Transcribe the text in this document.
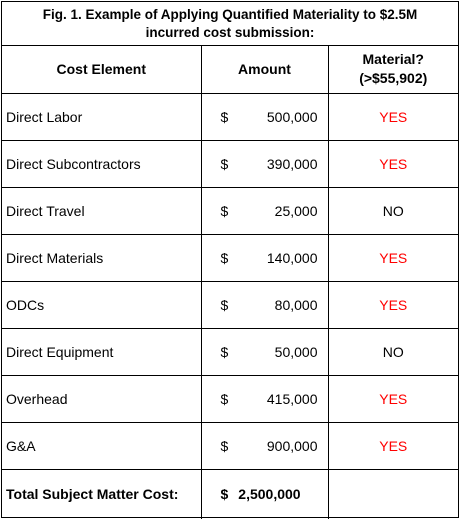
Fig. 1. Example of Applying Quantified Materiality to $2.5M
incurred cost submission:
Cost Element	Amount	Material?
(>$55,902)

Direct Labor	$ 500,000	YES
Direct Subcontractors	$ 390,000	YES
Direct Travel	$ 25,000	NO
Direct Materials	$ 140,000	YES
ODCs	$ 80,000	YES
Direct Equipment	$ 50,000	NO
Overhead	$ 415,000	YES
G&A	$ 900,000	YES
Total Subject Matter Cost:	$ 2,500,000	
